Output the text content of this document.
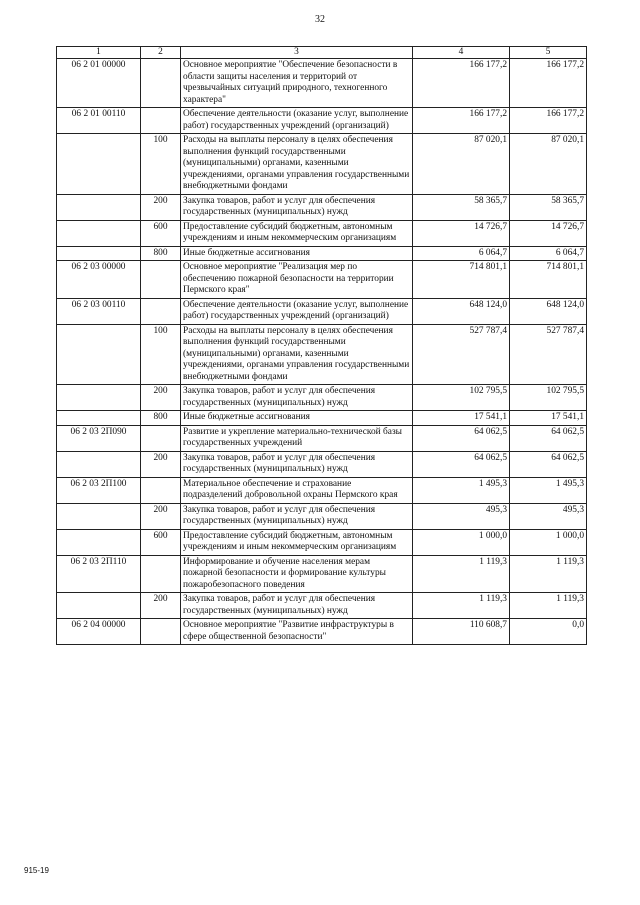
32
1	2	3	4	5
06 2 01 00000		Основное мероприятие "Обеспечение безопасности в области защиты населения и территорий от чрезвычайных ситуаций природного, техногенного характера"	166 177,2	166 177,2
06 2 01 00110		Обеспечение деятельности (оказание услуг, выполнение работ) государственных учреждений (организаций)	166 177,2	166 177,2
	100	Расходы на выплаты персоналу в целях обеспечения выполнения функций государственными (муниципальными) органами, казенными учреждениями, органами управления государственными внебюджетными фондами	87 020,1	87 020,1
	200	Закупка товаров, работ и услуг для обеспечения государственных (муниципальных) нужд	58 365,7	58 365,7
	600	Предоставление субсидий бюджетным, автономным учреждениям и иным некоммерческим организациям	14 726,7	14 726,7
	800	Иные бюджетные ассигнования	6 064,7	6 064,7
06 2 03 00000		Основное мероприятие "Реализация мер по обеспечению пожарной безопасности на территории Пермского края"	714 801,1	714 801,1
06 2 03 00110		Обеспечение деятельности (оказание услуг, выполнение работ) государственных учреждений (организаций)	648 124,0	648 124,0
	100	Расходы на выплаты персоналу в целях обеспечения выполнения функций государственными (муниципальными) органами, казенными учреждениями, органами управления государственными внебюджетными фондами	527 787,4	527 787,4
	200	Закупка товаров, работ и услуг для обеспечения государственных (муниципальных) нужд	102 795,5	102 795,5
	800	Иные бюджетные ассигнования	17 541,1	17 541,1
06 2 03 2П090		Развитие и укрепление материально-технической базы государственных учреждений	64 062,5	64 062,5
	200	Закупка товаров, работ и услуг для обеспечения государственных (муниципальных) нужд	64 062,5	64 062,5
06 2 03 2П100		Материальное обеспечение и страхование подразделений добровольной охраны Пермского края	1 495,3	1 495,3
	200	Закупка товаров, работ и услуг для обеспечения государственных (муниципальных) нужд	495,3	495,3
	600	Предоставление субсидий бюджетным, автономным учреждениям и иным некоммерческим организациям	1 000,0	1 000,0
06 2 03 2П110		Информирование и обучение населения мерам пожарной безопасности и формирование культуры пожаробезопасного поведения	1 119,3	1 119,3
	200	Закупка товаров, работ и услуг для обеспечения государственных (муниципальных) нужд	1 119,3	1 119,3
06 2 04 00000		Основное мероприятие "Развитие инфраструктуры в сфере общественной безопасности"	110 608,7	0,0
915-19
